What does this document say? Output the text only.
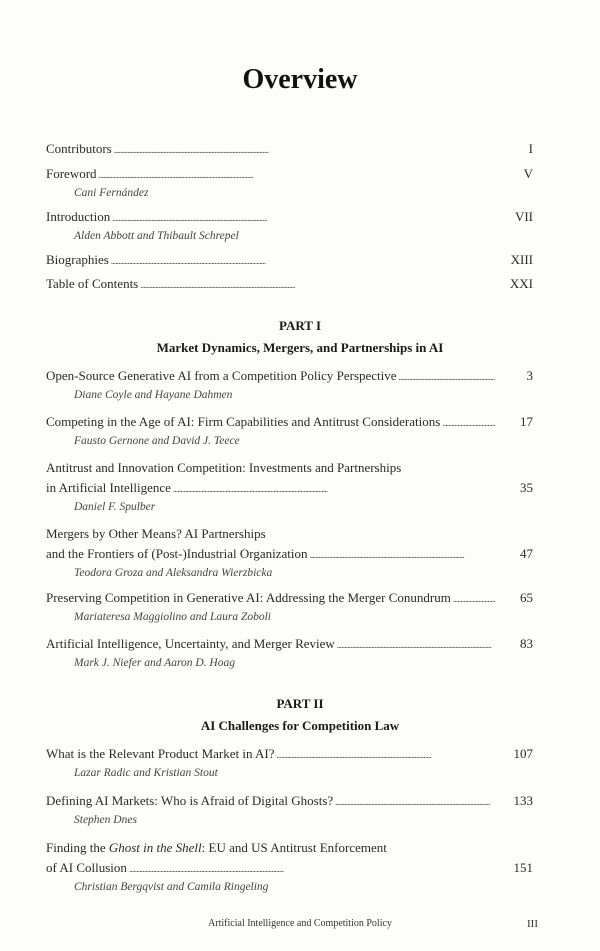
Overview
Contributors . . .	I
Foreword . . .	V
Cani Fernández
Introduction . . .	VII
Alden Abbott and Thibault Schrepel
Biographies . . .	XIII
Table of Contents . . .	XXI
PART I
Market Dynamics, Mergers, and Partnerships in AI
Open-Source Generative AI from a Competition Policy Perspective . . .	3
Diane Coyle and Hayane Dahmen
Competing in the Age of AI: Firm Capabilities and Antitrust Considerations . . .	17
Fausto Gernone and David J. Teece
Antitrust and Innovation Competition: Investments and Partnerships
in Artificial Intelligence . . .	35
Daniel F. Spulber
Mergers by Other Means? AI Partnerships
and the Frontiers of (Post-)Industrial Organization . . .	47
Teodora Groza and Aleksandra Wierzbicka
Preserving Competition in Generative AI: Addressing the Merger Conundrum . . .	65
Mariateresa Maggiolino and Laura Zoboli
Artificial Intelligence, Uncertainty, and Merger Review . . .	83
Mark J. Niefer and Aaron D. Hoag
PART II
AI Challenges for Competition Law
What is the Relevant Product Market in AI? . . .	107
Lazar Radic and Kristian Stout
Defining AI Markets: Who is Afraid of Digital Ghosts? . . .	133
Stephen Dnes
Finding the Ghost in the Shell: EU and US Antitrust Enforcement
of AI Collusion . . .	151
Christian Bergqvist and Camila Ringeling
Artificial Intelligence and Competition Policy	III
